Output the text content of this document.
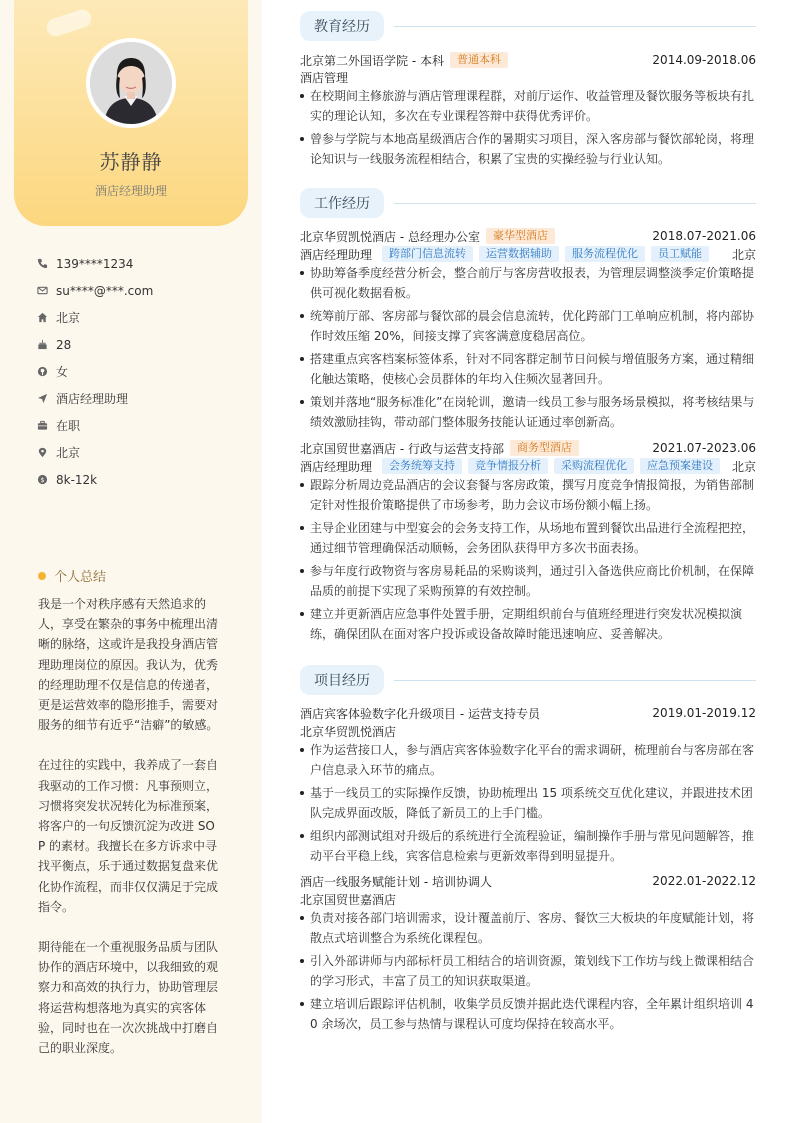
苏静静
酒店经理助理
139****1234
su****@***.com
北京
28
女
酒店经理助理
在职
北京
$ 8k-12k
个人总结

我是一个对秩序感有天然追求的人，享受在繁杂的事务中梳理出清晰的脉络，这或许是我投身酒店管理助理岗位的原因。我认为，优秀的经理助理不仅是信息的传递者，更是运营效率的隐形推手，需要对服务的细节有近乎“洁癖”的敏感。

在过往的实践中，我养成了一套自我驱动的工作习惯：凡事预则立，习惯将突发状况转化为标准预案，将客户的一句反馈沉淀为改进 SOP 的素材。我擅长在多方诉求中寻找平衡点，乐于通过数据复盘来优化协作流程，而非仅仅满足于完成指令。

期待能在一个重视服务品质与团队协作的酒店环境中，以我细致的观察力和高效的执行力，协助管理层将运营构想落地为真实的宾客体验，同时也在一次次挑战中打磨自己的职业深度。

教育经历
北京第二外国语学院 - 本科	普通本科	2014.09-2018.06
酒店管理
在校期间主修旅游与酒店管理课程群，对前厅运作、收益管理及餐饮服务等板块有扎实的理论认知，多次在专业课程答辩中获得优秀评价。
曾参与学院与本地高星级酒店合作的暑期实习项目，深入客房部与餐饮部轮岗，将理论知识与一线服务流程相结合，积累了宝贵的实操经验与行业认知。
工作经历
北京华贸凯悦酒店 - 总经理办公室	豪华型酒店	2018.07-2021.06
酒店经理助理	跨部门信息流转	运营数据辅助	服务流程优化	员工赋能	北京
协助筹备季度经营分析会，整合前厅与客房营收报表，为管理层调整淡季定价策略提供可视化数据看板。
统筹前厅部、客房部与餐饮部的晨会信息流转，优化跨部门工单响应机制，将内部协作时效压缩 20%，间接支撑了宾客满意度稳居高位。
搭建重点宾客档案标签体系，针对不同客群定制节日问候与增值服务方案，通过精细化触达策略，使核心会员群体的年均入住频次显著回升。
策划并落地“服务标准化”在岗轮训，邀请一线员工参与服务场景模拟，将考核结果与绩效激励挂钩，带动部门整体服务技能认证通过率创新高。
北京国贸世嘉酒店 - 行政与运营支持部	商务型酒店	2021.07-2023.06
酒店经理助理	会务统筹支持	竞争情报分析	采购流程优化	应急预案建设	北京
跟踪分析周边竞品酒店的会议套餐与客房政策，撰写月度竞争情报简报，为销售部制定针对性报价策略提供了市场参考，助力会议市场份额小幅上扬。
主导企业团建与中型宴会的会务支持工作，从场地布置到餐饮出品进行全流程把控，通过细节管理确保活动顺畅，会务团队获得甲方多次书面表扬。
参与年度行政物资与客房易耗品的采购谈判，通过引入备选供应商比价机制，在保障品质的前提下实现了采购预算的有效控制。
建立并更新酒店应急事件处置手册，定期组织前台与值班经理进行突发状况模拟演练，确保团队在面对客户投诉或设备故障时能迅速响应、妥善解决。
项目经历
酒店宾客体验数字化升级项目 - 运营支持专员	2019.01-2019.12
北京华贸凯悦酒店
作为运营接口人，参与酒店宾客体验数字化平台的需求调研，梳理前台与客房部在客户信息录入环节的痛点。
基于一线员工的实际操作反馈，协助梳理出 15 项系统交互优化建议，并跟进技术团队完成界面改版，降低了新员工的上手门槛。
组织内部测试组对升级后的系统进行全流程验证，编制操作手册与常见问题解答，推动平台平稳上线，宾客信息检索与更新效率得到明显提升。
酒店一线服务赋能计划 - 培训协调人	2022.01-2022.12
北京国贸世嘉酒店
负责对接各部门培训需求，设计覆盖前厅、客房、餐饮三大板块的年度赋能计划，将散点式培训整合为系统化课程包。
引入外部讲师与内部标杆员工相结合的培训资源，策划线下工作坊与线上微课相结合的学习形式，丰富了员工的知识获取渠道。
建立培训后跟踪评估机制，收集学员反馈并据此迭代课程内容，全年累计组织培训 40 余场次，员工参与热情与课程认可度均保持在较高水平。
